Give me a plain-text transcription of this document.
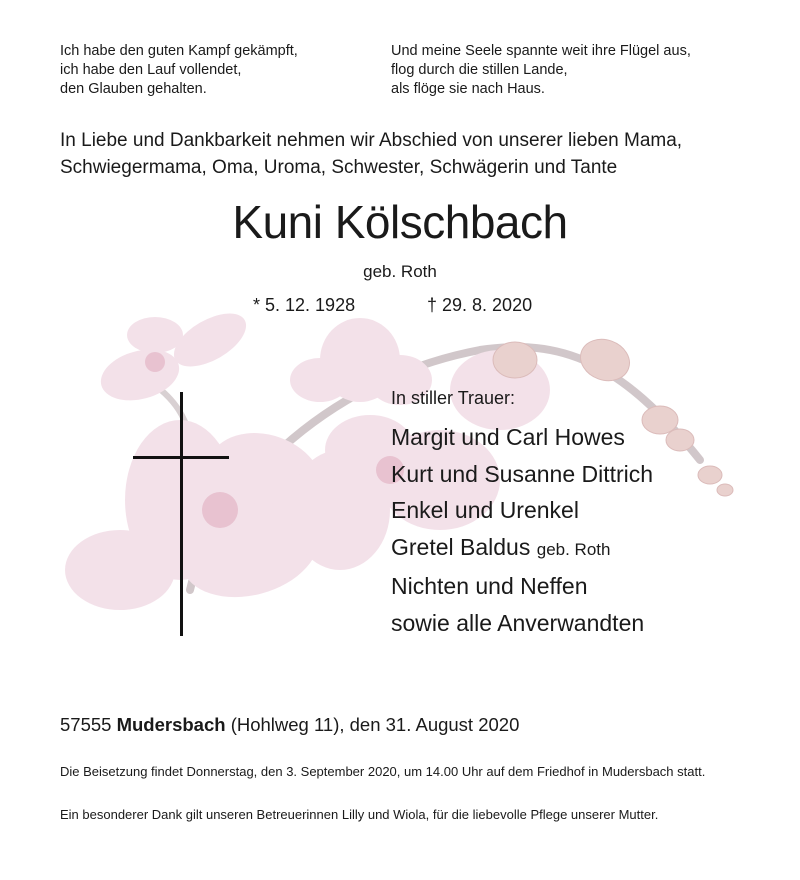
Ich habe den guten Kampf gekämpft,
ich habe den Lauf vollendet,
den Glauben gehalten.
Und meine Seele spannte weit ihre Flügel aus,
flog durch die stillen Lande,
als flöge sie nach Haus.
In Liebe und Dankbarkeit nehmen wir Abschied von unserer lieben Mama,
Schwiegermama, Oma, Uroma, Schwester, Schwägerin und Tante
Kuni Kölschbach
geb. Roth
* 5. 12. 1928	† 29. 8. 2020
In stiller Trauer:
Margit und Carl Howes
Kurt und Susanne Dittrich
Enkel und Urenkel
Gretel Baldus geb. Roth
Nichten und Neffen
sowie alle Anverwandten
57555 Mudersbach (Hohlweg 11), den 31. August 2020
Die Beisetzung findet Donnerstag, den 3. September 2020, um 14.00 Uhr auf dem Friedhof in Mudersbach statt.
Ein besonderer Dank gilt unseren Betreuerinnen Lilly und Wiola, für die liebevolle Pflege unserer Mutter.
